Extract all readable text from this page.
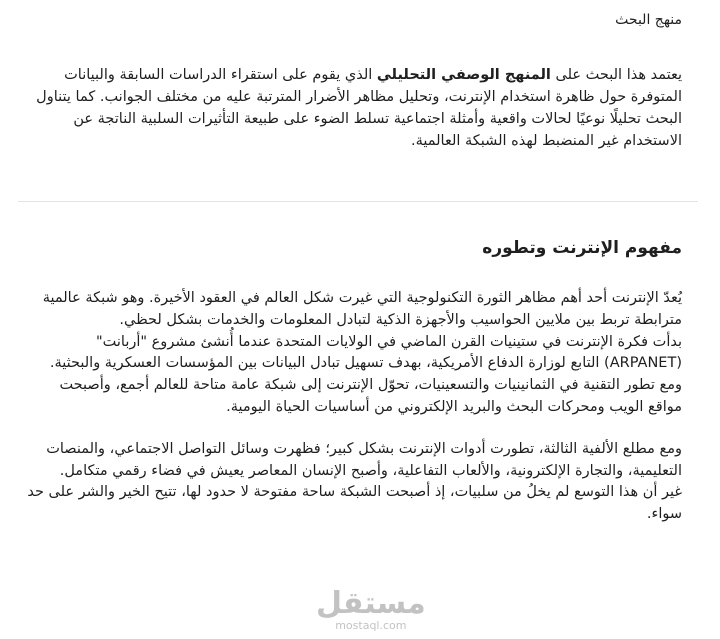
منهج البحث
يعتمد هذا البحث على المنهج الوصفي التحليلي الذي يقوم على استقراء الدراسات السابقة والبيانات المتوفرة حول ظاهرة استخدام الإنترنت، وتحليل مظاهر الأضرار المترتبة عليه من مختلف الجوانب. كما يتناول البحث تحليلًا نوعيًا لحالات واقعية وأمثلة اجتماعية تسلط الضوء على طبيعة التأثيرات السلبية الناتجة عن الاستخدام غير المنضبط لهذه الشبكة العالمية.
مفهوم الإنترنت وتطوره

يُعدّ الإنترنت أحد أهم مظاهر الثورة التكنولوجية التي غيرت شكل العالم في العقود الأخيرة. وهو شبكة عالمية مترابطة تربط بين ملايين الحواسيب والأجهزة الذكية لتبادل المعلومات والخدمات بشكل لحظي.

بدأت فكرة الإنترنت في ستينيات القرن الماضي في الولايات المتحدة عندما أُنشئ مشروع "أربانت" (ARPANET) التابع لوزارة الدفاع الأمريكية، بهدف تسهيل تبادل البيانات بين المؤسسات العسكرية والبحثية.

ومع تطور التقنية في الثمانينيات والتسعينيات، تحوّل الإنترنت إلى شبكة عامة متاحة للعالم أجمع، وأصبحت مواقع الويب ومحركات البحث والبريد الإلكتروني من أساسيات الحياة اليومية.

ومع مطلع الألفية الثالثة، تطورت أدوات الإنترنت بشكل كبير؛ فظهرت وسائل التواصل الاجتماعي، والمنصات التعليمية، والتجارة الإلكترونية، والألعاب التفاعلية، وأصبح الإنسان المعاصر يعيش في فضاء رقمي متكامل.

غير أن هذا التوسع لم يخلُ من سلبيات، إذ أصبحت الشبكة ساحة مفتوحة لا حدود لها، تتيح الخير والشر على حد سواء.

مستقل
mostaql.com
